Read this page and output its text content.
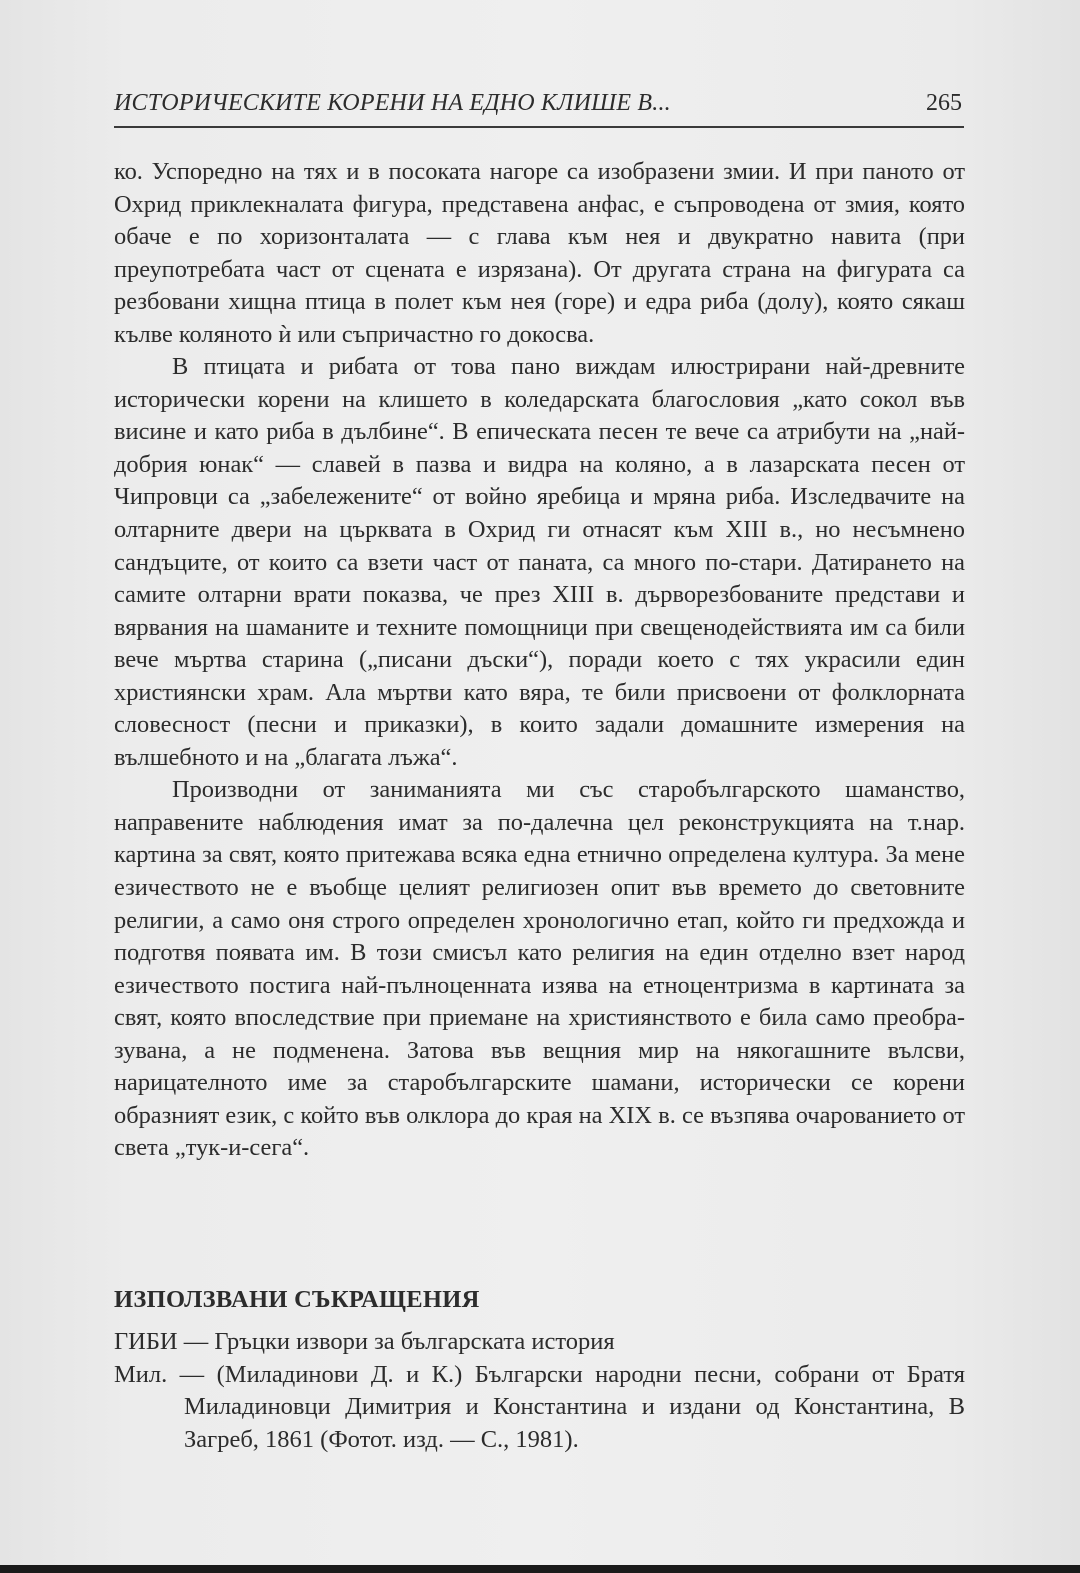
ИСТОРИЧЕСКИТЕ КОРЕНИ НА ЕДНО КЛИШЕ В...	265

ко. Успоредно на тях и в посоката нагоре са изобразени змии. И при паното от Охрид приклекналата фигура, представена анфас, е съпроводена от змия, която обаче е по хоризонталата — с глава към нея и двукратно навита (при преупотребата част от сцената е изрязана). От другата страна на фигурата са резбовани хищна птица в полет към нея (горе) и едра риба (долу), която сякаш кълве коляното ѝ или съпричастно го докосва.

В птицата и рибата от това пано виждам илюстрирани най-древните исторически корени на клишето в коледарската благословия „като сокол във висине и като риба в дълбине“. В епическата песен те вече са атрибути на „най-добрия юнак“ — славей в пазва и видра на коляно, а в лазарската песен от Чипровци са „забележените“ от войно яребица и мряна риба. Изследвачите на олтарните двери на църквата в Охрид ги отнасят към XIII в., но несъмнено сандъците, от които са взети част от паната, са много по-стари. Датирането на самите олтарни врати показва, че през XIII в. дърворезбованите представи и вярвания на шаманите и техните помощници при свещенодействията им са били вече мъртва старина („писани дъски“), поради което с тях украсили един християнски храм. Ала мъртви като вяра, те били присвоени от фолклорната словесност (песни и приказки), в които задали домашните измерения на вълшебното и на „благата лъжа“.

Производни от заниманията ми със старобългарското шаманство, направените наблюдения имат за по-далечна цел реконструкцията на т.нар. картина за свят, която притежава всяка една етнично определена култура. За мене езичеството не е въобще целият религиозен опит във времето до световните религии, а само оня строго определен хронологично етап, който ги предхожда и подготвя появата им. В този смисъл като религия на един отделно взет народ езичеството постига най-пълноценната изява на етноцентризма в картината за свят, която впоследствие при приемане на християнството е била само преобразувана, а не подменена. Затова във вещния мир на някогашните вълсви, нарицателното име за старобългарските шамани, исторически се корени образният език, с който във олклора до края на XIX в. се възпява очарованието от света „тук-и-сега“.

ИЗПОЛЗВАНИ СЪКРАЩЕНИЯ
ГИБИ — Гръцки извори за българската история
Мил. — (Миладинови Д. и К.) Български народни песни, собрани от Братя Миладиновци Димитрия и Константина и издани од Константина, В Загреб, 1861 (Фотот. изд. — С., 1981).
